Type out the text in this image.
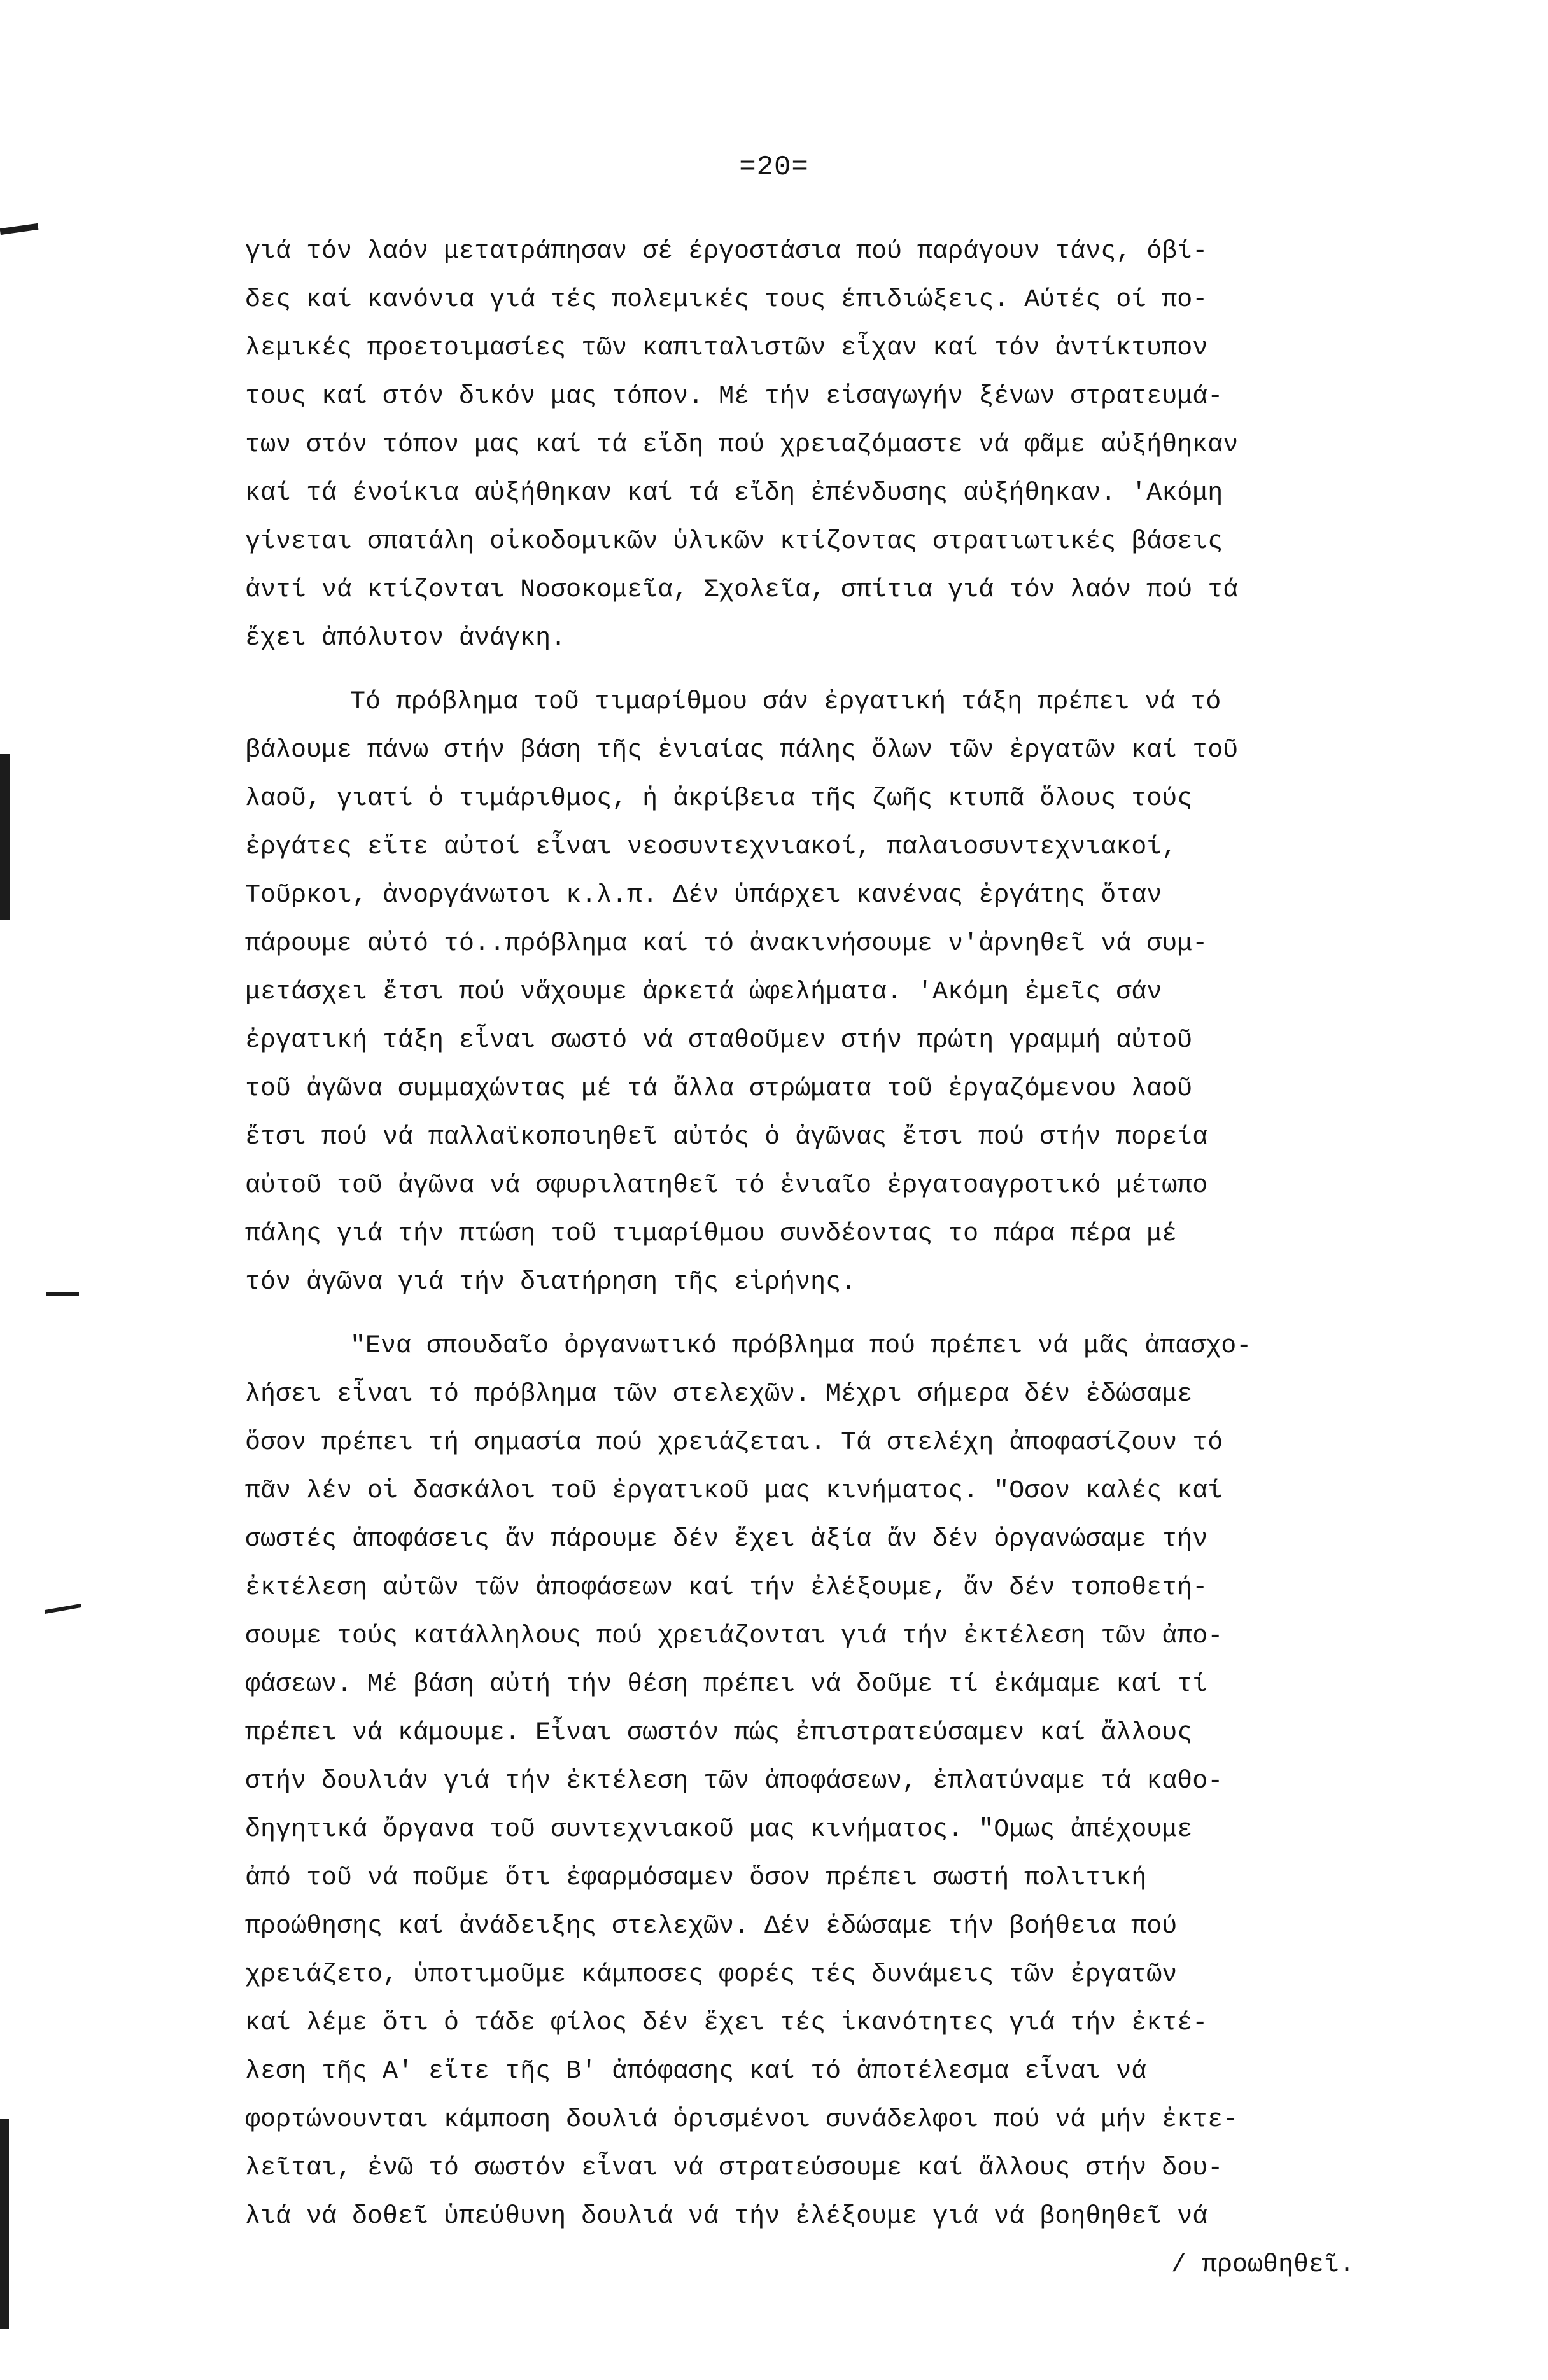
=20=
γιά τόν λαόν μετατράπησαν σέ έργοστάσια πού παράγουν τάνς, όβί-
δες καί κανόνια γιά τές πολεμικές τους έπιδιώξεις. Αύτές οί πο-
λεμικές προετοιμασίες τῶν καπιταλιστῶν εἶχαν καί τόν ἀντίκτυπον
τους καί στόν δικόν μας τόπον. Μέ τήν εἰσαγωγήν ξένων στρατευμά-
των στόν τόπον μας καί τά εἴδη πού χρειαζόμαστε νά φᾶμε αὐξήθηκαν
καί τά ένοίκια αὐξήθηκαν καί τά εἴδη ἐπένδυσης αὐξήθηκαν. 'Ακόμη
γίνεται σπατάλη οἰκοδομικῶν ὑλικῶν κτίζοντας στρατιωτικές βάσεις
ἀντί νά κτίζονται Νοσοκομεῖα, Σχολεῖα, σπίτια γιά τόν λαόν πού τά
ἔχει ἀπόλυτον ἀνάγκη.
Τό πρόβλημα τοῦ τιμαρίθμου σάν ἐργατική τάξη πρέπει νά τό
βάλουμε πάνω στήν βάση τῆς ἑνιαίας πάλης ὅλων τῶν ἐργατῶν καί τοῦ
λαοῦ, γιατί ὁ τιμάριθμος, ἡ ἀκρίβεια τῆς ζωῆς κτυπᾶ ὅλους τούς
ἐργάτες εἴτε αὐτοί εἶναι νεοσυντεχνιακοί, παλαιοσυντεχνιακοί,
Τοῦρκοι, ἀνοργάνωτοι κ.λ.π. Δέν ὑπάρχει κανένας ἐργάτης ὅταν
πάρουμε αὐτό τό..πρόβλημα καί τό ἀνακινήσουμε ν'ἀρνηθεῖ νά συμ-
μετάσχει ἔτσι πού νἄχουμε ἀρκετά ὠφελήματα. 'Ακόμη ἐμεῖς σάν
ἐργατική τάξη εἶναι σωστό νά σταθοῦμεν στήν πρώτη γραμμή αὐτοῦ
τοῦ ἀγῶνα συμμαχώντας μέ τά ἄλλα στρώματα τοῦ ἐργαζόμενου λαοῦ
ἔτσι πού νά παλλαϊκοποιηθεῖ αὐτός ὁ ἀγῶνας ἔτσι πού στήν πορεία
αὐτοῦ τοῦ ἀγῶνα νά σφυριλατηθεῖ τό ἑνιαῖο ἐργατοαγροτικό μέτωπο
πάλης γιά τήν πτώση τοῦ τιμαρίθμου συνδέοντας το πάρα πέρα μέ
τόν ἀγῶνα γιά τήν διατήρηση τῆς εἰρήνης.
"Ενα σπουδαῖο ὀργανωτικό πρόβλημα πού πρέπει νά μᾶς ἀπασχο-
λήσει εἶναι τό πρόβλημα τῶν στελεχῶν. Μέχρι σήμερα δέν ἐδώσαμε
ὅσον πρέπει τή σημασία πού χρειάζεται. Τά στελέχη ἀποφασίζουν τό
πᾶν λέν οἱ δασκάλοι τοῦ ἐργατικοῦ μας κινήματος. "Οσον καλές καί
σωστές ἀποφάσεις ἄν πάρουμε δέν ἔχει ἀξία ἄν δέν ὀργανώσαμε τήν
ἐκτέλεση αὐτῶν τῶν ἀποφάσεων καί τήν ἐλέξουμε, ἄν δέν τοποθετή-
σουμε τούς κατάλληλους πού χρειάζονται γιά τήν ἐκτέλεση τῶν ἀπο-
φάσεων. Μέ βάση αὐτή τήν θέση πρέπει νά δοῦμε τί ἐκάμαμε καί τί
πρέπει νά κάμουμε. Εἶναι σωστόν πώς ἐπιστρατεύσαμεν καί ἄλλους
στήν δουλιάν γιά τήν ἐκτέλεση τῶν ἀποφάσεων, ἐπλατύναμε τά καθο-
δηγητικά ὄργανα τοῦ συντεχνιακοῦ μας κινήματος. "Ομως ἀπέχουμε
ἀπό τοῦ νά ποῦμε ὅτι ἐφαρμόσαμεν ὅσον πρέπει σωστή πολιτική
προώθησης καί ἀνάδειξης στελεχῶν. Δέν ἐδώσαμε τήν βοήθεια πού
χρειάζετο, ὑποτιμοῦμε κάμποσες φορές τές δυνάμεις τῶν ἐργατῶν
καί λέμε ὅτι ὁ τάδε φίλος δέν ἔχει τές ἱκανότητες γιά τήν ἐκτέ-
λεση τῆς Α' εἴτε τῆς Β' ἀπόφασης καί τό ἀποτέλεσμα εἶναι νά
φορτώνουνται κάμποση δουλιά ὁρισμένοι συνάδελφοι πού νά μήν ἐκτε-
λεῖται, ἐνῶ τό σωστόν εἶναι νά στρατεύσουμε καί ἄλλους στήν δου-
λιά νά δοθεῖ ὑπεύθυνη δουλιά νά τήν ἐλέξουμε γιά νά βοηθηθεῖ νά
/ προωθηθεῖ.
